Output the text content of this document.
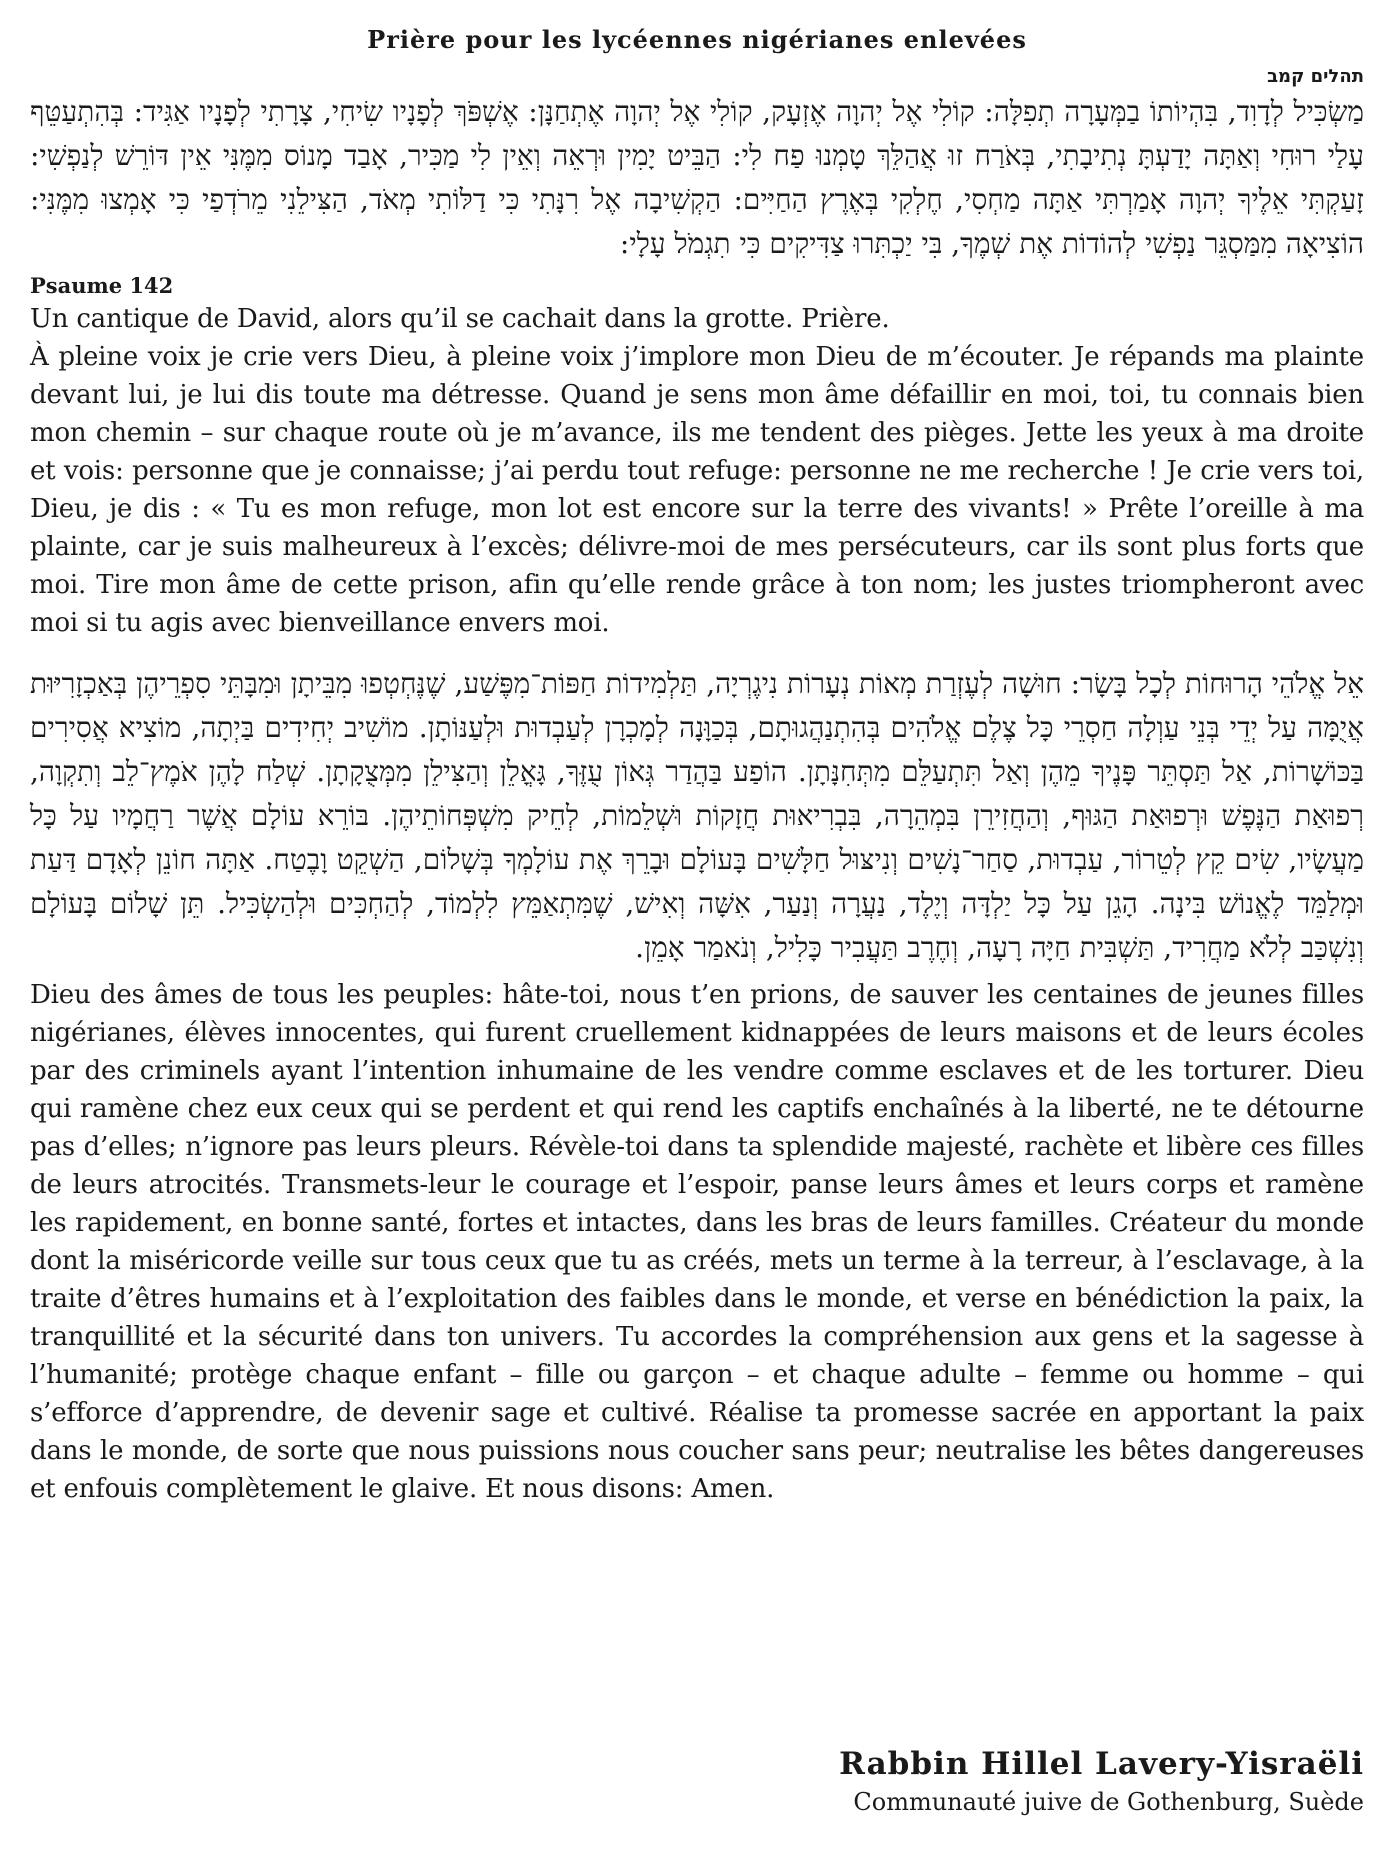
Prière pour les lycéennes nigérianes enlevées
תהלים קמב

מַשְׂכִּיל לְדָוִד, בִּהְיוֹתוֹ בַמְּעָרָה תְפִלָּה: קוֹלִי אֶל יְהוָה אֶזְעָק, קוֹלִי אֶל יְהוָה אֶתְחַנָּן: אֶשְׁפֹּךְ לְפָנָיו שִׂיחִי, צָרָתִי לְפָנָיו אַגִּיד: בְּהִתְעַטֵּף עָלַי רוּחִי וְאַתָּה יָדַעְתָּ נְתִיבָתִי, בְּאֹרַח זוּ אֲהַלֵּךְ טָמְנוּ פַח לִי: הַבֵּיט יָמִין וּרְאֵה וְאֵין לִי מַכִּיר, אָבַד מָנוֹס מִמֶּנִּי אֵין דּוֹרֵשׁ לְנַפְשִׁי: זָעַקְתִּי אֵלֶיךָ יְהוָה אָמַרְתִּי אַתָּה מַחְסִי, חֶלְקִי בְּאֶרֶץ הַחַיִּים: הַקְשִׁיבָה אֶל רִנָּתִי כִּי דַלּוֹתִי מְאֹד, הַצִּילֵנִי מֵרֹדְפַי כִּי אָמְצוּ מִמֶּנִּי: הוֹצִיאָה מִמַּסְגֵּר נַפְשִׁי לְהוֹדוֹת אֶת שְׁמֶךָ, בִּי יַכְתִּרוּ צַדִּיקִים כִּי תִגְמֹל עָלָי:

Psaume 142

Un cantique de David, alors qu’il se cachait dans la grotte. Prière.

À pleine voix je crie vers Dieu, à pleine voix j’implore mon Dieu de m’écouter. Je répands ma plainte devant lui, je lui dis toute ma détresse. Quand je sens mon âme défaillir en moi, toi, tu connais bien mon chemin – sur chaque route où je m’avance, ils me tendent des pièges. Jette les yeux à ma droite et vois: personne que je connaisse; j’ai perdu tout refuge: personne ne me recherche ! Je crie vers toi, Dieu, je dis : « Tu es mon refuge, mon lot est encore sur la terre des vivants! » Prête l’oreille à ma plainte, car je suis malheureux à l’excès; délivre-moi de mes persécuteurs, car ils sont plus forts que moi. Tire mon âme de cette prison, afin qu’elle rende grâce à ton nom; les justes triompheront avec moi si tu agis avec bienveillance envers moi.

אֵל אֱלֹהֵי הָרוּחוֹת לְכָל בָּשָׂר: חוּשָׁה לְעֶזְרַת מְאוֹת נְעָרוֹת נִיגֶרְיָה, תַּלְמִידוֹת חַפּוֹת־מִפֶּשַׁע, שֶׁנֶּחְטְפוּ מִבֵּיתָן וּמִבָּתֵּי סִפְרֵיהֶן בְּאַכְזָרִיּוּת אֲיֻמָּה עַל יְדֵי בְּנֵי עַוְלָה חַסְרֵי כָּל צֶלֶם אֱלֹהִים בְּהִתְנַהֲגוּתָם, בְּכַוָּנָה לְמָכְרָן לְעַבְדוּת וּלְעַנּוֹתָן. מוֹשִׁיב יְחִידִים בַּיְתָה, מוֹצִיא אֲסִירִים בַּכּוֹשָׁרוֹת, אַל תַּסְתֵּר פָּנֶיךָ מֵהֶן וְאַל תִּתְעַלֵּם מִתְּחִנָּתָן. הוֹפַע בַּהֲדַר גְּאוֹן עֻזֶּךָ, גָּאֳלֵן וְהַצִּילֵן מִמְּצֻקָתָן. שְׁלַח לָהֶן אֹמֶץ־לֵב וְתִקְוָה, רְפוּאַת הַנֶּפֶשׁ וּרְפוּאַת הַגּוּף, וְהַחֲזִירֵן בִּמְהֵרָה, בִּבְרִיאוּת חֲזָקוֹת וּשְׁלֵמוֹת, לְחֵיק מִשְׁפְּחוֹתֵיהֶן. בּוֹרֵא עוֹלָם אֲשֶׁר רַחֲמָיו עַל כָּל מַעֲשָׂיו, שִׂים קֵץ לְטֵרוֹר, עַבְדוּת, סַחַר־נָשִׁים וְנִיצּוּל חַלָּשִׁים בָּעוֹלָם וּבָרֵךְ אֶת עוֹלָמְךָ בְּשָׁלוֹם, הַשְׁקֵט וָבֶטַח. אַתָּה חוֹנֵן לְאָדָם דַּעַת וּמְלַמֵּד לֶאֱנוֹשׁ בִּינָה. הָגֵן עַל כָּל יַלְדָּה וְיֶלֶד, נַעֲרָה וְנַעַר, אִשָּׁה וְאִישׁ, שֶׁמִּתְאַמֵּץ לִלְמוֹד, לְהַחְכִּים וּלְהַשְׂכִּיל. תֵּן שָׁלוֹם בָּעוֹלָם וְנִשְׁכַּב לְלֹא מַחֲרִיד, תַּשְׁבִּית חַיָּה רָעָה, וְחֶרֶב תַּעֲבִיר כָּלִיל, וְנֹאמַר אָמֵן.

Dieu des âmes de tous les peuples: hâte-toi, nous t’en prions, de sauver les centaines de jeunes filles nigérianes, élèves innocentes, qui furent cruellement kidnappées de leurs maisons et de leurs écoles par des criminels ayant l’intention inhumaine de les vendre comme esclaves et de les torturer. Dieu qui ramène chez eux ceux qui se perdent et qui rend les captifs enchaînés à la liberté, ne te détourne pas d’elles; n’ignore pas leurs pleurs. Révèle-toi dans ta splendide majesté, rachète et libère ces filles de leurs atrocités. Transmets-leur le courage et l’espoir, panse leurs âmes et leurs corps et ramène les rapidement, en bonne santé, fortes et intactes, dans les bras de leurs familles. Créateur du monde dont la miséricorde veille sur tous ceux que tu as créés, mets un terme à la terreur, à l’esclavage, à la traite d’êtres humains et à l’exploitation des faibles dans le monde, et verse en bénédiction la paix, la tranquillité et la sécurité dans ton univers. Tu accordes la compréhension aux gens et la sagesse à l’humanité; protège chaque enfant – fille ou garçon – et chaque adulte – femme ou homme – qui s’efforce d’apprendre, de devenir sage et cultivé. Réalise ta promesse sacrée en apportant la paix dans le monde, de sorte que nous puissions nous coucher sans peur; neutralise les bêtes dangereuses et enfouis complètement le glaive. Et nous disons: Amen.

Rabbin Hillel Lavery-Yisraëli
Communauté juive de Gothenburg, Suède
